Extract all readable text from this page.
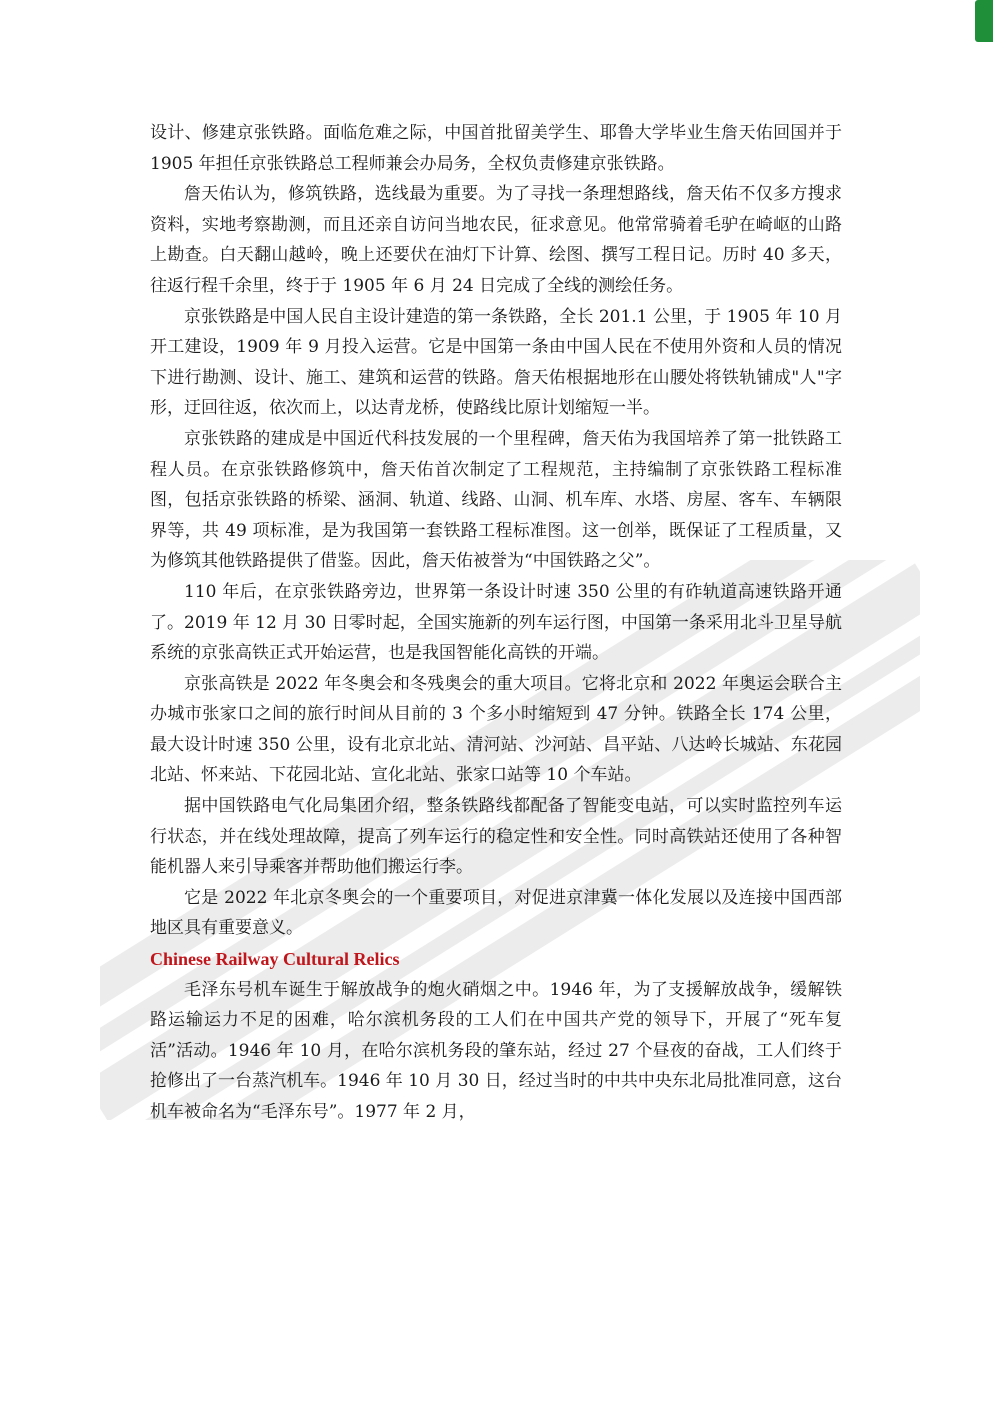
设计、修建京张铁路。面临危难之际，中国首批留美学生、耶鲁大学毕业生詹天佑回国并于 1905 年担任京张铁路总工程师兼会办局务，全权负责修建京张铁路。

詹天佑认为，修筑铁路，选线最为重要。为了寻找一条理想路线，詹天佑不仅多方搜求资料，实地考察勘测，而且还亲自访问当地农民，征求意见。他常常骑着毛驴在崎岖的山路上勘查。白天翻山越岭，晚上还要伏在油灯下计算、绘图、撰写工程日记。历时 40 多天，往返行程千余里，终于于 1905 年 6 月 24 日完成了全线的测绘任务。

京张铁路是中国人民自主设计建造的第一条铁路，全长 201.1 公里，于 1905 年 10 月开工建设，1909 年 9 月投入运营。它是中国第一条由中国人民在不使用外资和人员的情况下进行勘测、设计、施工、建筑和运营的铁路。詹天佑根据地形在山腰处将铁轨铺成"人"字形，迂回往返，依次而上，以达青龙桥，使路线比原计划缩短一半。

京张铁路的建成是中国近代科技发展的一个里程碑，詹天佑为我国培养了第一批铁路工程人员。在京张铁路修筑中，詹天佑首次制定了工程规范，主持编制了京张铁路工程标准图，包括京张铁路的桥梁、涵洞、轨道、线路、山洞、机车库、水塔、房屋、客车、车辆限界等，共 49 项标准，是为我国第一套铁路工程标准图。这一创举，既保证了工程质量，又为修筑其他铁路提供了借鉴。因此，詹天佑被誉为“中国铁路之父”。

110 年后，在京张铁路旁边，世界第一条设计时速 350 公里的有砟轨道高速铁路开通了。2019 年 12 月 30 日零时起，全国实施新的列车运行图，中国第一条采用北斗卫星导航系统的京张高铁正式开始运营，也是我国智能化高铁的开端。

京张高铁是 2022 年冬奥会和冬残奥会的重大项目。它将北京和 2022 年奥运会联合主办城市张家口之间的旅行时间从目前的 3 个多小时缩短到 47 分钟。铁路全长 174 公里，最大设计时速 350 公里，设有北京北站、清河站、沙河站、昌平站、八达岭长城站、东花园北站、怀来站、下花园北站、宣化北站、张家口站等 10 个车站。

据中国铁路电气化局集团介绍，整条铁路线都配备了智能变电站，可以实时监控列车运行状态，并在线处理故障，提高了列车运行的稳定性和安全性。同时高铁站还使用了各种智能机器人来引导乘客并帮助他们搬运行李。

它是 2022 年北京冬奥会的一个重要项目，对促进京津冀一体化发展以及连接中国西部地区具有重要意义。

Chinese Railway Cultural Relics

毛泽东号机车诞生于解放战争的炮火硝烟之中。1946 年，为了支援解放战争，缓解铁路运输运力不足的困难，哈尔滨机务段的工人们在中国共产党的领导下，开展了“死车复活”活动。1946 年 10 月，在哈尔滨机务段的肇东站，经过 27 个昼夜的奋战，工人们终于抢修出了一台蒸汽机车。1946 年 10 月 30 日，经过当时的中共中央东北局批准同意，这台机车被命名为“毛泽东号”。1977 年 2 月，
